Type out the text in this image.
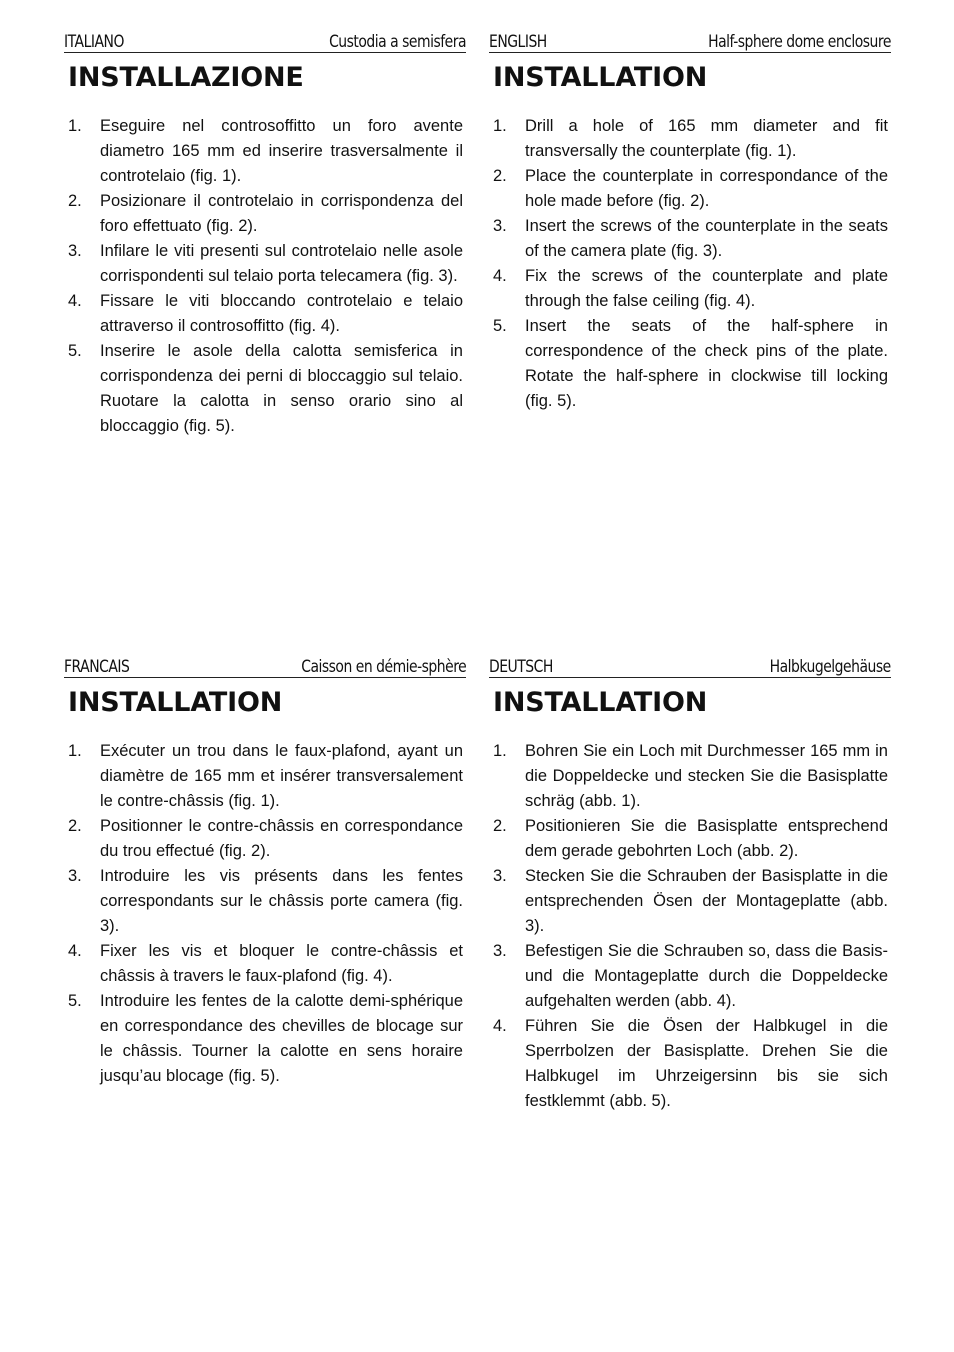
ITALIANO	Custodia a semisfera
INSTALLAZIONE
1.	Eseguire nel controsoffitto un foro avente diametro 165 mm ed inserire trasversalmente il controtelaio (fig. 1).
2.	Posizionare il controtelaio in corrispondenza del foro effettuato (fig. 2).
3.	Infilare le viti presenti sul controtelaio nelle asole corrispondenti sul telaio porta telecamera (fig. 3).
4.	Fissare le viti bloccando controtelaio e telaio attraverso il controsoffitto (fig. 4).
5.	Inserire le asole della calotta semisferica in corrispondenza dei perni di bloccaggio sul telaio. Ruotare la calotta in senso orario sino al bloccaggio (fig. 5).
ENGLISH	Half-sphere dome enclosure
INSTALLATION
1.	Drill a hole of 165 mm diameter and fit transversally the counterplate (fig. 1).
2.	Place the counterplate in correspondance of the hole made before (fig. 2).
3.	Insert the screws of the counterplate in the seats of the camera plate (fig. 3).
4.	Fix the screws of the counterplate and plate through the false ceiling (fig. 4).
5.	Insert the seats of the half-sphere in correspondence of the check pins of the plate. Rotate the half-sphere in clockwise till locking (fig. 5).
FRANCAIS	Caisson en démie-sphère
INSTALLATION
1.	Exécuter un trou dans le faux-plafond, ayant un diamètre de 165 mm et insérer transversalement le contre-châssis (fig. 1).
2.	Positionner le contre-châssis en correspondance du trou effectué (fig. 2).
3.	Introduire les vis présents dans les fentes correspondants sur le châssis porte camera (fig. 3).
4.	Fixer les vis et bloquer le contre-châssis et châssis à travers le faux-plafond (fig. 4).
5.	Introduire les fentes de la calotte demi-sphérique en correspondance des chevilles de blocage sur le châssis. Tourner la calotte en sens horaire jusqu’au blocage (fig. 5).
DEUTSCH	Halbkugelgehäuse
INSTALLATION
1.	Bohren Sie ein Loch mit Durchmesser 165 mm in die Doppeldecke und stecken Sie die Basisplatte schräg (abb. 1).
2.	Positionieren Sie die Basisplatte entsprechend dem gerade gebohrten Loch (abb. 2).
3.	Stecken Sie die Schrauben der Basisplatte in die entsprechenden Ösen der Montageplatte (abb. 3).
3.	Befestigen Sie die Schrauben so, dass die Basis- und die Montageplatte durch die Doppeldecke aufgehalten werden (abb. 4).
4.	Führen Sie die Ösen der Halbkugel in die Sperrbolzen der Basisplatte. Drehen Sie die Halbkugel im Uhrzeigersinn bis sie sich festklemmt (abb. 5).
